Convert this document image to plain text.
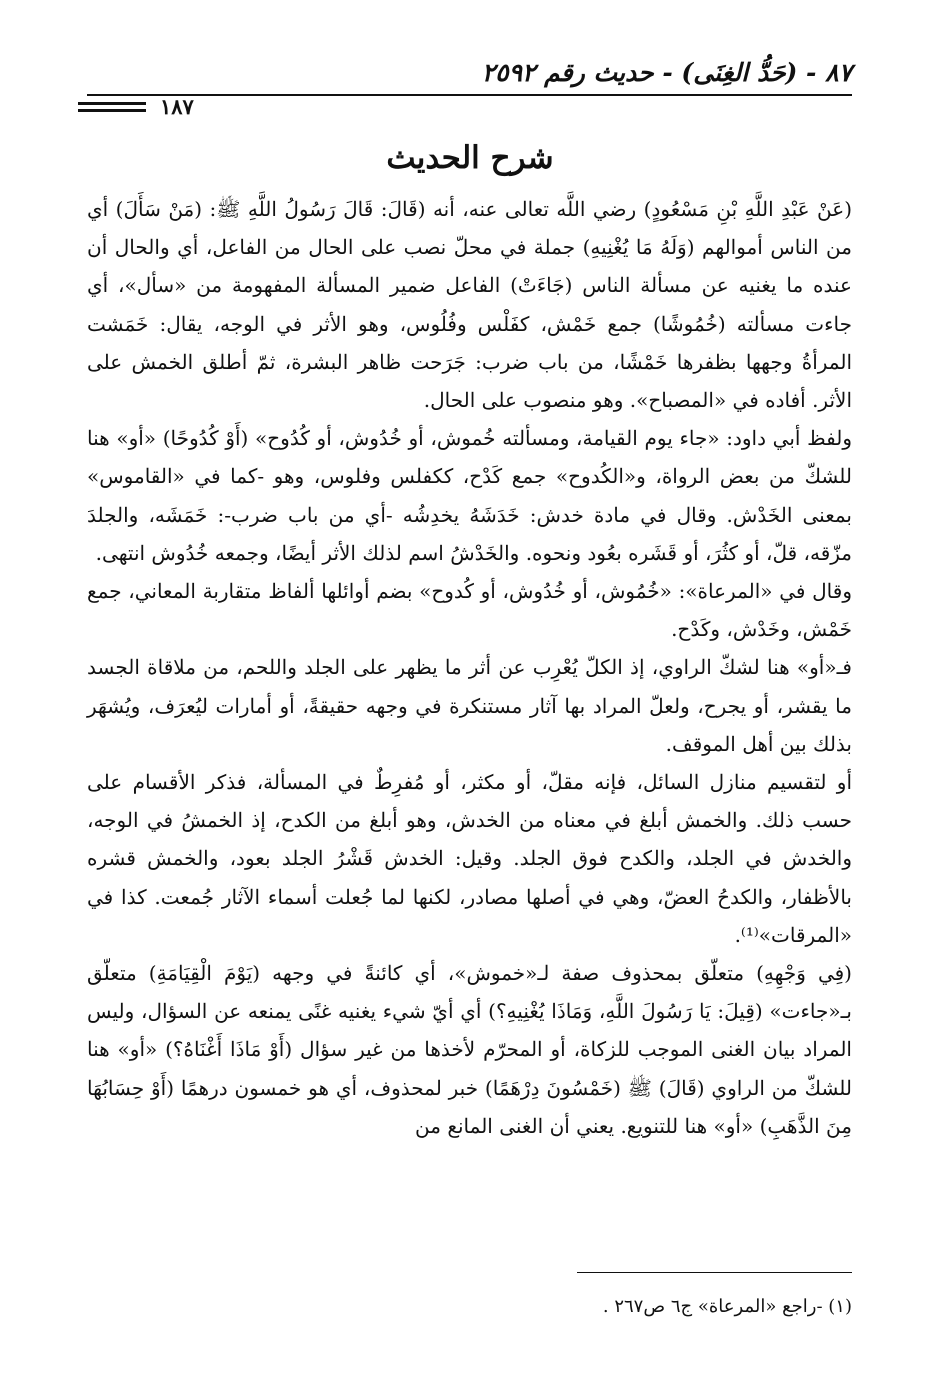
٨٧ - (حَدُّ الغِنَى) - حديث رقم ٢٥٩٢
١٨٧
شرح الحديث

(عَنْ عَبْدِ اللَّهِ بْنِ مَسْعُودٍ) رضي اللَّه تعالى عنه، أنه (قَالَ: قَالَ رَسُولُ اللَّهِ ﷺ: (مَنْ سَأَلَ) أي من الناس أموالهم (وَلَهُ مَا يُغْنِيهِ) جملة في محلّ نصب على الحال من الفاعل، أي والحال أن عنده ما يغنيه عن مسألة الناس (جَاءَتْ) الفاعل ضمير المسألة المفهومة من «سأل»، أي جاءت مسألته (خُمُوشًا) جمع خَمْش، كفَلْس وفُلُوس، وهو الأثر في الوجه، يقال: خَمَشت المرأةُ وجهها بظفرها خَمْشًا، من باب ضرب: جَرَحت ظاهر البشرة، ثمّ أطلق الخمش على الأثر. أفاده في «المصباح». وهو منصوب على الحال.

ولفظ أبي داود: «جاء يوم القيامة، ومسألته خُموش، أو خُدُوش، أو كُدُوح» (أَوْ كُدُوحًا) «أو» هنا للشكّ من بعض الرواة، و«الكُدوح» جمع كَدْح، ككفلس وفلوس، وهو -كما في «القاموس» بمعنى الخَدْش. وقال في مادة خدش: خَدَشَهُ يخدِشُه -أي من باب ضرب-: خَمَشَه، والجلدَ مزّقه، قلّ، أو كثُرَ، أو قَشَره بعُود ونحوه. والخَدْشُ اسم لذلك الأثر أيضًا، وجمعه خُدُوش انتهى.

وقال في «المرعاة»: «خُمُوش، أو خُدُوش، أو كُدوح» بضم أوائلها ألفاظ متقاربة المعاني، جمع خَمْش، وخَدْش، وكَدْح.

فـ«أو» هنا لشكّ الراوي، إذ الكلّ يُعْرِب عن أثر ما يظهر على الجلد واللحم، من ملاقاة الجسد ما يقشر، أو يجرح، ولعلّ المراد بها آثار مستنكرة في وجهه حقيقةً، أو أمارات ليُعرَف، ويُشهَر بذلك بين أهل الموقف.

أو لتقسيم منازل السائل، فإنه مقلّ، أو مكثر، أو مُفرِطٌ في المسألة، فذكر الأقسام على حسب ذلك. والخمش أبلغ في معناه من الخدش، وهو أبلغ من الكدح، إذ الخمشُ في الوجه، والخدش في الجلد، والكدح فوق الجلد. وقيل: الخدش قَشْرُ الجلد بعود، والخمش قشره بالأظفار، والكدحُ العضّ، وهي في أصلها مصادر، لكنها لما جُعلت أسماء الآثار جُمعت. كذا في «المرقات»⁽¹⁾.

(فِي وَجْهِهِ) متعلّق بمحذوف صفة لـ«خموش»، أي كائنةً في وجهه (يَوْمَ الْقِيَامَةِ) متعلّق بـ«جاءت» (قِيلَ: يَا رَسُولَ اللَّهِ، وَمَاذَا يُغْنِيهِ؟) أي أيّ شيء يغنيه غنًى يمنعه عن السؤال، وليس المراد بيان الغنى الموجب للزكاة، أو المحرّم لأخذها من غير سؤال (أَوْ مَاذَا أَغْنَاهُ؟) «أو» هنا للشكّ من الراوي (قَالَ) ﷺ (خَمْسُونَ دِرْهَمًا) خبر لمحذوف، أي هو خمسون درهمًا (أَوْ حِسَابُهَا مِنَ الذَّهَبِ) «أو» هنا للتنويع. يعني أن الغنى المانع من

(١) -راجع «المرعاة» ج٦ ص٢٦٧ .
